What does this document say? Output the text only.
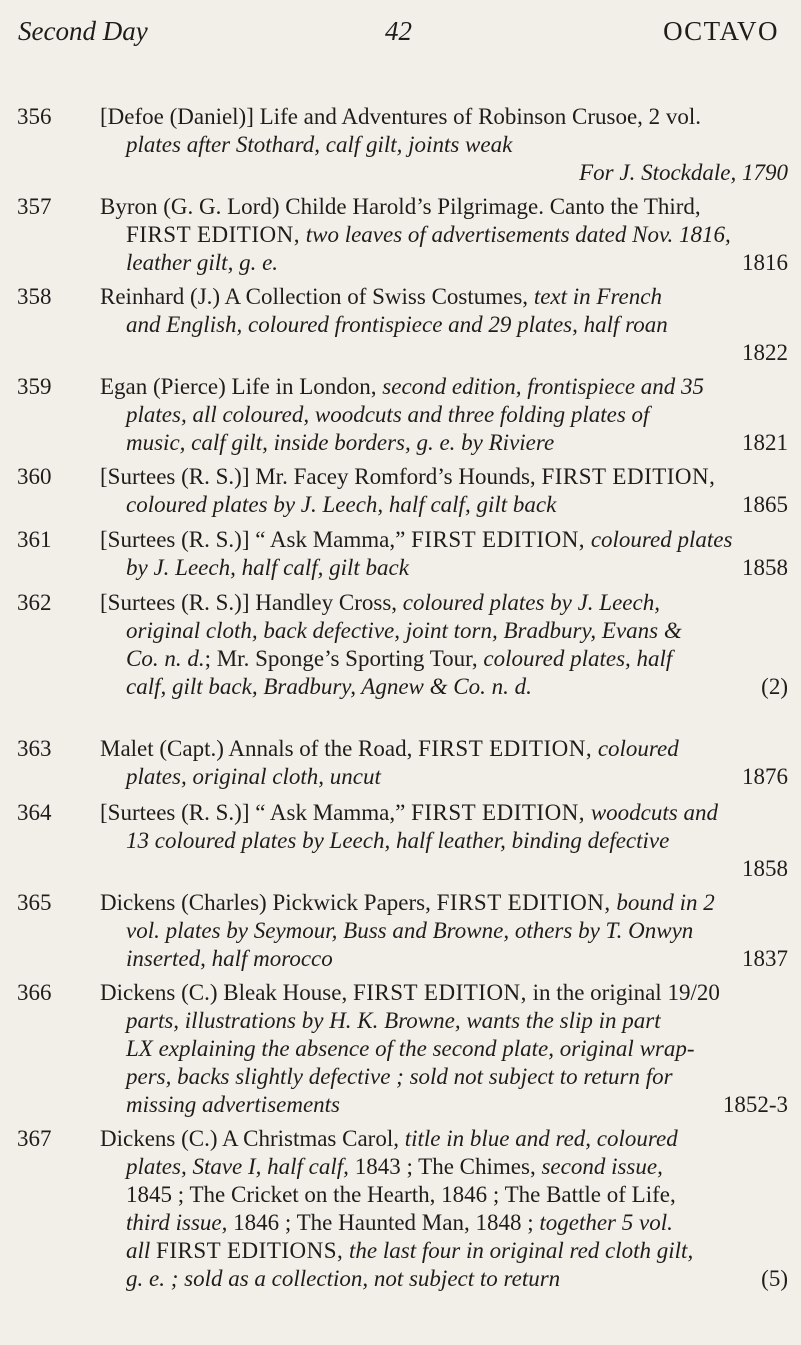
Second Day	42	OCTAVO
356 [Defoe (Daniel)] Life and Adventures of Robinson Crusoe, 2 vol.
plates after Stothard, calf gilt, joints weak
For J. Stockdale, 1790
357 Byron (G. G. Lord) Childe Harold’s Pilgrimage. Canto the Third,
FIRST EDITION, two leaves of advertisements dated Nov. 1816,
leather gilt, g. e.	1816
358 Reinhard (J.) A Collection of Swiss Costumes, text in French
and English, coloured frontispiece and 29 plates, half roan
1822
359 Egan (Pierce) Life in London, second edition, frontispiece and 35
plates, all coloured, woodcuts and three folding plates of
music, calf gilt, inside borders, g. e. by Riviere	1821
360 [Surtees (R. S.)] Mr. Facey Romford’s Hounds, FIRST EDITION,
coloured plates by J. Leech, half calf, gilt back	1865
361 [Surtees (R. S.)] “ Ask Mamma,” FIRST EDITION, coloured plates
by J. Leech, half calf, gilt back	1858
362 [Surtees (R. S.)] Handley Cross, coloured plates by J. Leech,
original cloth, back defective, joint torn, Bradbury, Evans &
Co. n. d.; Mr. Sponge’s Sporting Tour, coloured plates, half
calf, gilt back, Bradbury, Agnew & Co. n. d.	(2)
363 Malet (Capt.) Annals of the Road, FIRST EDITION, coloured
plates, original cloth, uncut	1876
364 [Surtees (R. S.)] “ Ask Mamma,” FIRST EDITION, woodcuts and
13 coloured plates by Leech, half leather, binding defective
1858
365 Dickens (Charles) Pickwick Papers, FIRST EDITION, bound in 2
vol. plates by Seymour, Buss and Browne, others by T. Onwyn
inserted, half morocco	1837
366 Dickens (C.) Bleak House, FIRST EDITION, in the original 19/20
parts, illustrations by H. K. Browne, wants the slip in part
LX explaining the absence of the second plate, original wrap-
pers, backs slightly defective ; sold not subject to return for
missing advertisements	1852-3
367 Dickens (C.) A Christmas Carol, title in blue and red, coloured
plates, Stave I, half calf, 1843 ; The Chimes, second issue,
1845 ; The Cricket on the Hearth, 1846 ; The Battle of Life,
third issue, 1846 ; The Haunted Man, 1848 ; together 5 vol.
all FIRST EDITIONS, the last four in original red cloth gilt,
g. e. ; sold as a collection, not subject to return	(5)
